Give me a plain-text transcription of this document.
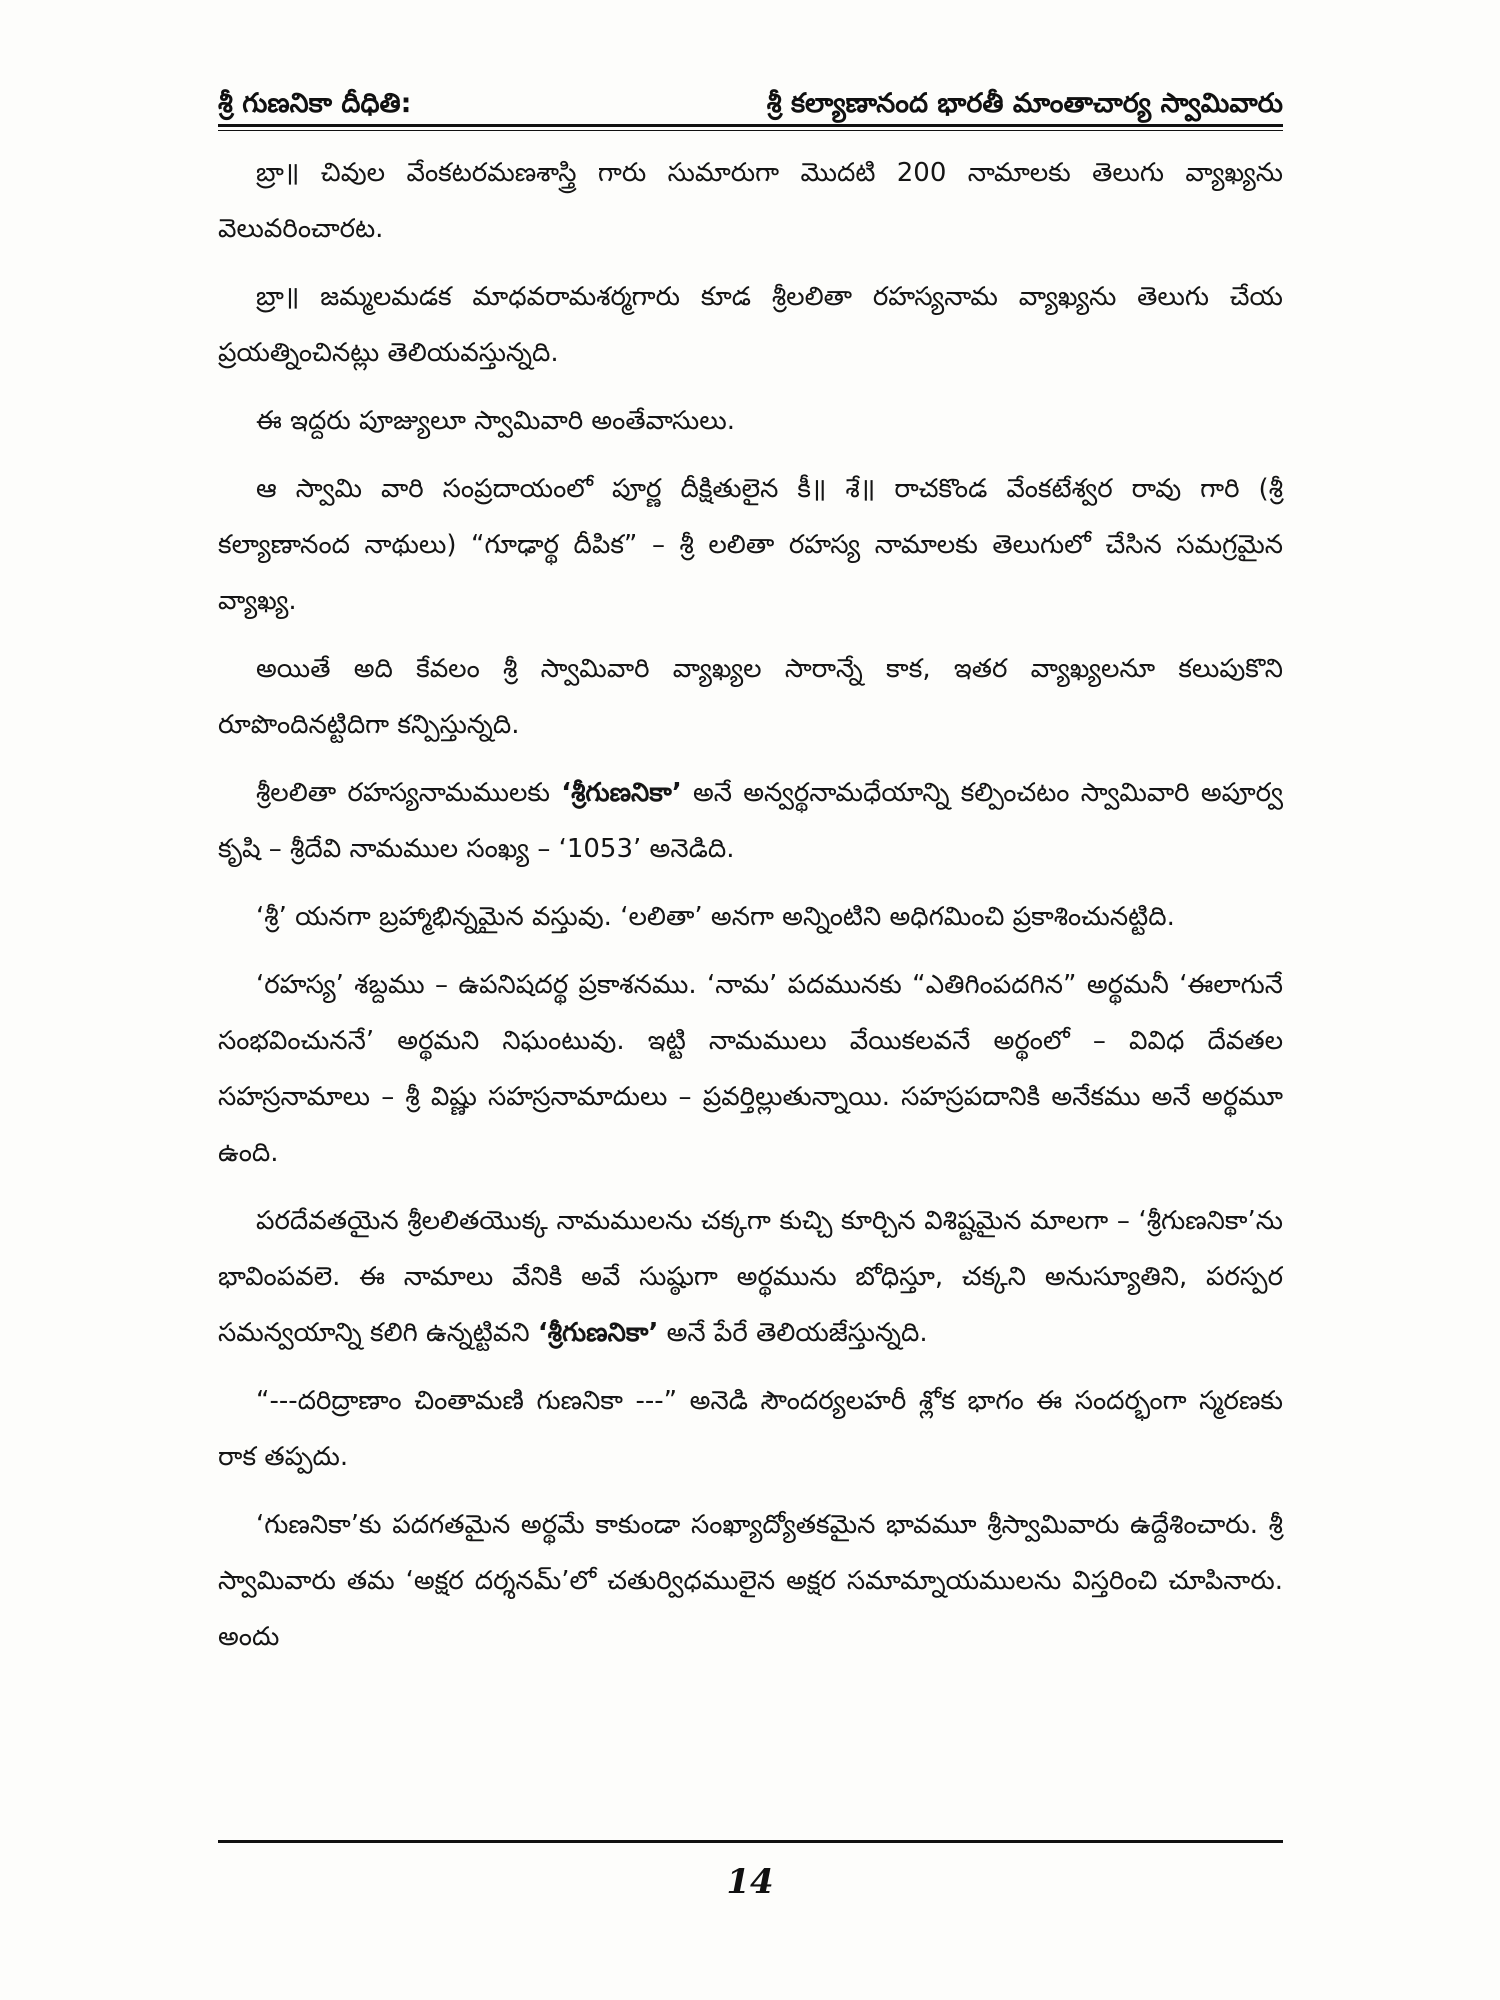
శ్రీ గుణనికా దీధితి:	శ్రీ కల్యాణానంద భారతీ మాంతాచార్య స్వామివారు

బ్రా॥ చివుల వేంకటరమణశాస్త్రి గారు సుమారుగా మొదటి 200 నామాలకు తెలుగు వ్యాఖ్యను వెలువరించారట.

బ్రా॥ జమ్మలమడక మాధవరామశర్మగారు కూడ శ్రీలలితా రహస్యనామ వ్యాఖ్యను తెలుగు చేయ ప్రయత్నించినట్లు తెలియవస్తున్నది.

ఈ ఇద్దరు పూజ్యులూ స్వామివారి అంతేవాసులు.

ఆ స్వామి వారి సంప్రదాయంలో పూర్ణ దీక్షితులైన కీ॥ శే॥ రాచకొండ వేంకటేశ్వర రావు గారి (శ్రీ కల్యాణానంద నాథులు) “గూఢార్థ దీపిక” – శ్రీ లలితా రహస్య నామాలకు తెలుగులో చేసిన సమగ్రమైన వ్యాఖ్య.

అయితే అది కేవలం శ్రీ స్వామివారి వ్యాఖ్యల సారాన్నే కాక, ఇతర వ్యాఖ్యలనూ కలుపుకొని రూపొందినట్టిదిగా కన్పిస్తున్నది.

శ్రీలలితా రహస్యనామములకు ‘శ్రీగుణనికా’ అనే అన్వర్థనామధేయాన్ని కల్పించటం స్వామివారి అపూర్వ కృషి – శ్రీదేవి నామముల సంఖ్య – ‘1053’ అనెడిది.

‘శ్రీ’ యనగా బ్రహ్మాభిన్నమైన వస్తువు. ‘లలితా’ అనగా అన్నింటిని అధిగమించి ప్రకాశించునట్టిది.

‘రహస్య’ శబ్దము – ఉపనిషదర్థ ప్రకాశనము. ‘నామ’ పదమునకు “ఎతిగింపదగిన” అర్థమనీ ‘ఈలాగునే సంభవించుననే’ అర్థమని నిఘంటువు. ఇట్టి నామములు వేయికలవనే అర్థంలో – వివిధ దేవతల సహస్రనామాలు – శ్రీ విష్ణు సహస్రనామాదులు – ప్రవర్తిల్లుతున్నాయి. సహస్రపదానికి అనేకము అనే అర్థమూ ఉంది.

పరదేవతయైన శ్రీలలితయొక్క నామములను చక్కగా కుచ్చి కూర్చిన విశిష్టమైన మాలగా – ‘శ్రీగుణనికా’ను భావింపవలె. ఈ నామాలు వేనికి అవే సుష్ఠుగా అర్థమును బోధిస్తూ, చక్కని అనుస్యూతిని, పరస్పర సమన్వయాన్ని కలిగి ఉన్నట్టివని ‘శ్రీగుణనికా’ అనే పేరే తెలియజేస్తున్నది.

“---దరిద్రాణాం చింతామణి గుణనికా ---” అనెడి సౌందర్యలహరీ శ్లోక భాగం ఈ సందర్భంగా స్మరణకు రాక తప్పదు.

‘గుణనికా’కు పదగతమైన అర్థమే కాకుండా సంఖ్యాద్యోతకమైన భావమూ శ్రీస్వామివారు ఉద్దేశించారు. శ్రీ స్వామివారు తమ ‘అక్షర దర్శనమ్’లో చతుర్విధములైన అక్షర సమామ్నాయములను విస్తరించి చూపినారు. అందు

14
